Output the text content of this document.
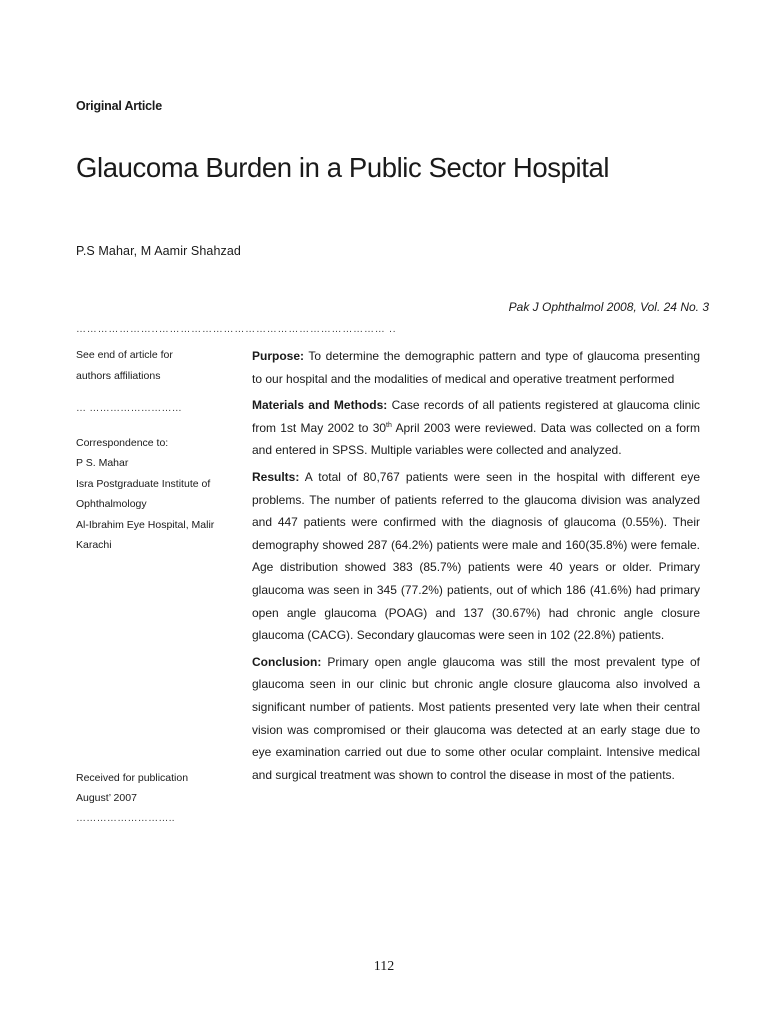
Original Article
Glaucoma Burden in a Public Sector Hospital
P.S Mahar, M Aamir Shahzad
Pak J Ophthalmol 2008, Vol. 24 No. 3
…………………..……………………………………………………… ..
See end of article for
authors affiliations
… ………………………
Correspondence to:
P S. Mahar
Isra Postgraduate Institute of
Ophthalmology
Al-Ibrahim Eye Hospital, Malir
Karachi
Received for publication
August’ 2007
………………………..

Purpose: To determine the demographic pattern and type of glaucoma presenting to our hospital and the modalities of medical and operative treatment performed

Materials and Methods: Case records of all patients registered at glaucoma clinic from 1st May 2002 to 30th April 2003 were reviewed. Data was collected on a form and entered in SPSS. Multiple variables were collected and analyzed.

Results: A total of 80,767 patients were seen in the hospital with different eye problems. The number of patients referred to the glaucoma division was analyzed and 447 patients were confirmed with the diagnosis of glaucoma (0.55%). Their demography showed 287 (64.2%) patients were male and 160(35.8%) were female. Age distribution showed 383 (85.7%) patients were 40 years or older. Primary glaucoma was seen in 345 (77.2%) patients, out of which 186 (41.6%) had primary open angle glaucoma (POAG) and 137 (30.67%) had chronic angle closure glaucoma (CACG). Secondary glaucomas were seen in 102 (22.8%) patients.

Conclusion: Primary open angle glaucoma was still the most prevalent type of glaucoma seen in our clinic but chronic angle closure glaucoma also involved a significant number of patients. Most patients presented very late when their central vision was compromised or their glaucoma was detected at an early stage due to eye examination carried out due to some other ocular complaint. Intensive medical and surgical treatment was shown to control the disease in most of the patients.

112
